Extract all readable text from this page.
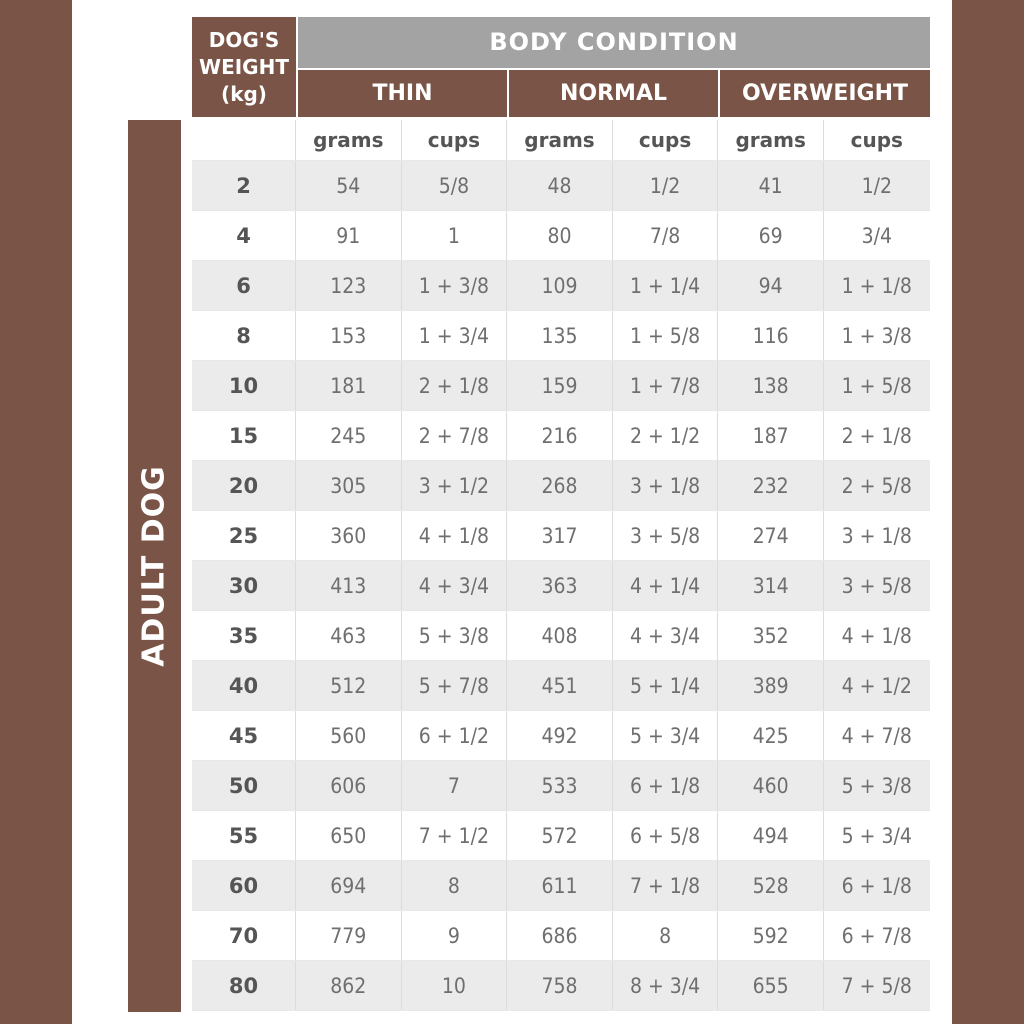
ADULT DOG
DOG'S
WEIGHT
(kg)
BODY CONDITION
THIN	NORMAL	OVERWEIGHT
grams	cups	grams	cups	grams	cups
2	54	5/8	48	1/2	41	1/2
4	91	1	80	7/8	69	3/4
6	123	1 + 3/8	109	1 + 1/4	94	1 + 1/8
8	153	1 + 3/4	135	1 + 5/8	116	1 + 3/8
10	181	2 + 1/8	159	1 + 7/8	138	1 + 5/8
15	245	2 + 7/8	216	2 + 1/2	187	2 + 1/8
20	305	3 + 1/2	268	3 + 1/8	232	2 + 5/8
25	360	4 + 1/8	317	3 + 5/8	274	3 + 1/8
30	413	4 + 3/4	363	4 + 1/4	314	3 + 5/8
35	463	5 + 3/8	408	4 + 3/4	352	4 + 1/8
40	512	5 + 7/8	451	5 + 1/4	389	4 + 1/2
45	560	6 + 1/2	492	5 + 3/4	425	4 + 7/8
50	606	7	533	6 + 1/8	460	5 + 3/8
55	650	7 + 1/2	572	6 + 5/8	494	5 + 3/4
60	694	8	611	7 + 1/8	528	6 + 1/8
70	779	9	686	8	592	6 + 7/8
80	862	10	758	8 + 3/4	655	7 + 5/8
